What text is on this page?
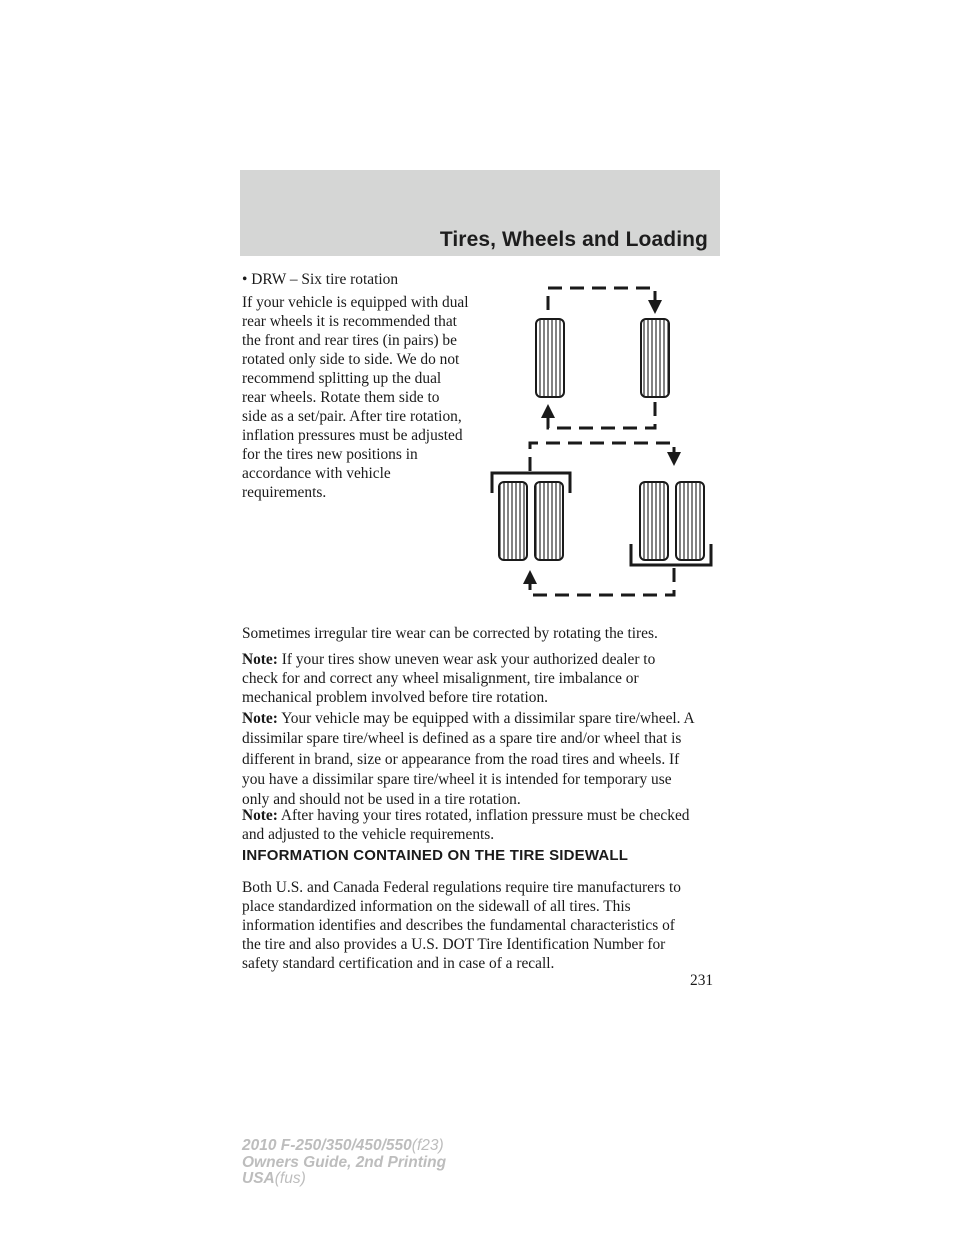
Tires, Wheels and Loading

• DRW – Six tire rotation

If your vehicle is equipped with dual
rear wheels it is recommended that
the front and rear tires (in pairs) be
rotated only side to side. We do not
recommend splitting up the dual
rear wheels. Rotate them side to
side as a set/pair. After tire rotation,
inflation pressures must be adjusted
for the tires new positions in
accordance with vehicle
requirements.

Sometimes irregular tire wear can be corrected by rotating the tires.

Note: If your tires show uneven wear ask your authorized dealer to
check for and correct any wheel misalignment, tire imbalance or
mechanical problem involved before tire rotation.

Note: Your vehicle may be equipped with a dissimilar spare tire/wheel. A
dissimilar spare tire/wheel is defined as a spare tire and/or wheel that is
different in brand, size or appearance from the road tires and wheels. If
you have a dissimilar spare tire/wheel it is intended for temporary use
only and should not be used in a tire rotation.

Note: After having your tires rotated, inflation pressure must be checked
and adjusted to the vehicle requirements.

INFORMATION CONTAINED ON THE TIRE SIDEWALL

Both U.S. and Canada Federal regulations require tire manufacturers to
place standardized information on the sidewall of all tires. This
information identifies and describes the fundamental characteristics of
the tire and also provides a U.S. DOT Tire Identification Number for
safety standard certification and in case of a recall.

231
2010 F-250/350/450/550(f23)
Owners Guide, 2nd Printing
USA(fus)
